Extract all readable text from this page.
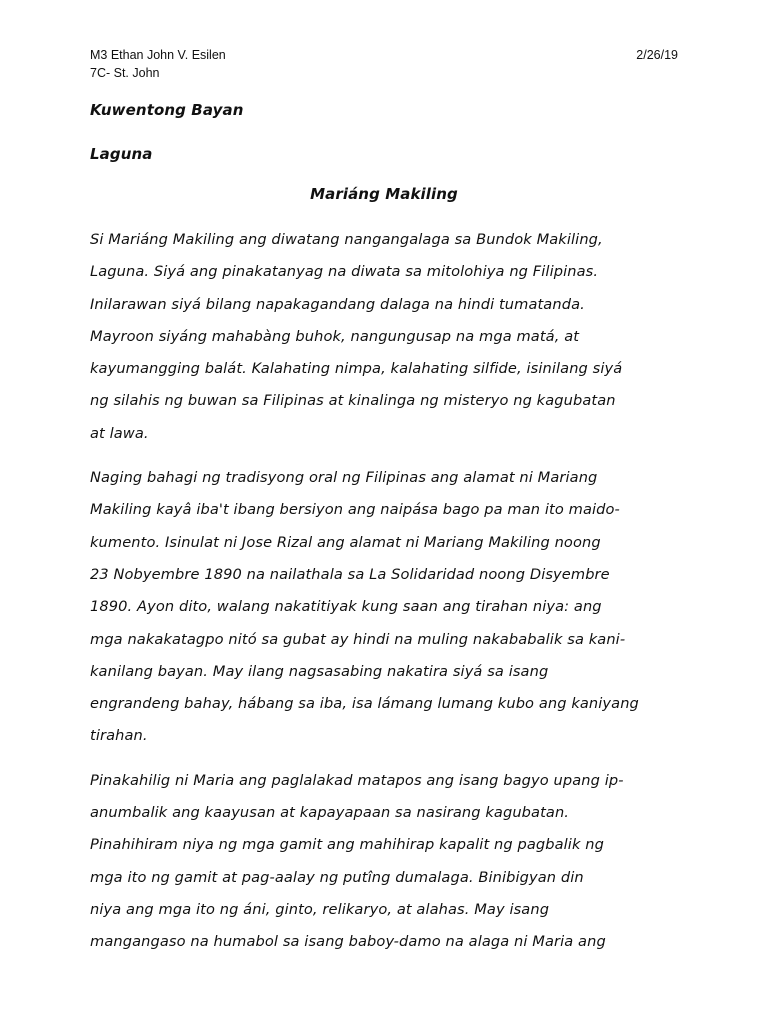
M3 Ethan John V. Esilen
7C- St. John
2/26/19
Kuwentong Bayan
Laguna
Mariáng Makiling
Si Mariáng Makiling ang diwatang nangangalaga sa Bundok Makiling,
Laguna. Siyá ang pinakatanyag na diwata sa mitolohiya ng Filipinas.
Inilarawan siyá bilang napakagandang dalaga na hindi tumatanda.
Mayroon siyáng mahabàng buhok, nangungusap na mga matá, at
kayumangging balát. Kalahating nimpa, kalahating silfide, isinilang siyá
ng silahis ng buwan sa Filipinas at kinalinga ng misteryo ng kagubatan
at lawa.
Naging bahagi ng tradisyong oral ng Filipinas ang alamat ni Mariang
Makiling kayâ iba't ibang bersiyon ang naipása bago pa man ito maido-
kumento. Isinulat ni Jose Rizal ang alamat ni Mariang Makiling noong
23 Nobyembre 1890 na nailathala sa La Solidaridad noong Disyembre
1890. Ayon dito, walang nakatitiyak kung saan ang tirahan niya: ang
mga nakakatagpo nitó sa gubat ay hindi na muling nakababalik sa kani-
kanilang bayan. May ilang nagsasabing nakatira siyá sa isang
engrandeng bahay, hábang sa iba, isa lámang lumang kubo ang kaniyang
tirahan.
Pinakahilig ni Maria ang paglalakad matapos ang isang bagyo upang ip-
anumbalik ang kaayusan at kapayapaan sa nasirang kagubatan.
Pinahihiram niya ng mga gamit ang mahihirap kapalit ng pagbalik ng
mga ito ng gamit at pag-aalay ng putîng dumalaga. Binibigyan din
niya ang mga ito ng áni, ginto, relikaryo, at alahas. May isang
mangangaso na humabol sa isang baboy-damo na alaga ni Maria ang
